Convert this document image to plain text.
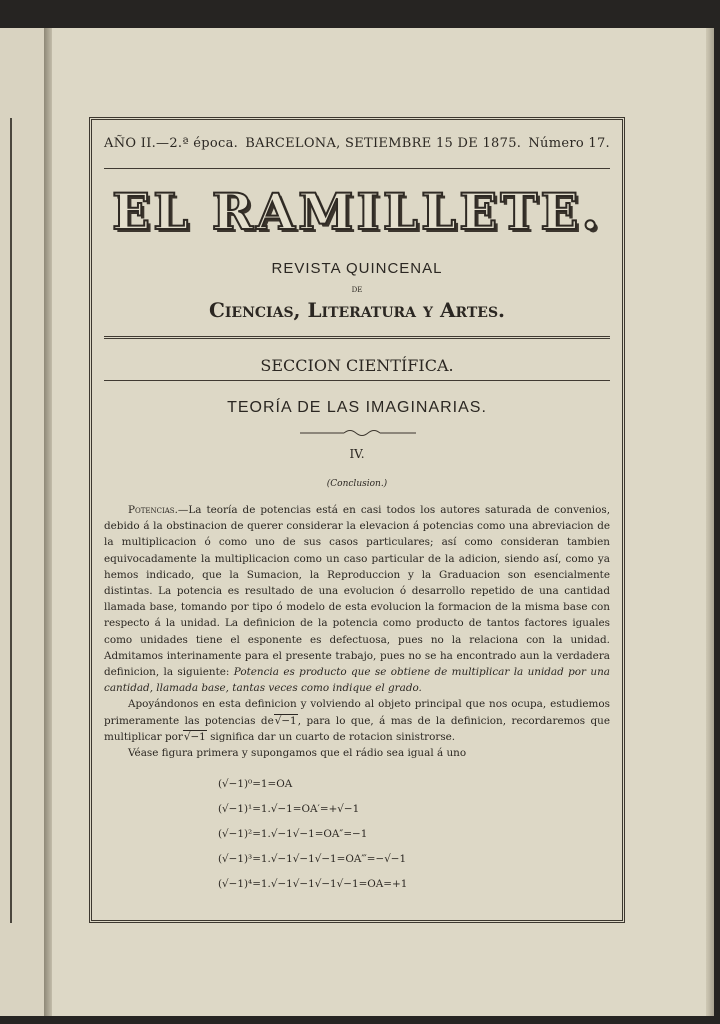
AÑO II.—2.ª época. BARCELONA, SETIEMBRE 15 DE 1875. Número 17.
EL RAMILLETE.
REVISTA QUINCENAL
DE
Ciencias, Literatura y Artes.
SECCION CIENTÍFICA.
TEORÍA DE LAS IMAGINARIAS.
IV.
(Conclusion.)

Potencias.—La teoría de potencias está en casi todos los autores saturada de convenios, debido á la obstinacion de querer considerar la elevacion á potencias como una abreviacion de la multiplicacion ó como uno de sus casos particulares; así como consideran tambien equivocadamente la multiplicacion como un caso particular de la adicion, siendo así, como ya hemos indicado, que la Sumacion, la Reproduccion y la Graduacion son esencialmente distintas. La potencia es resultado de una evolucion ó desarrollo repetido de una cantidad llamada base, tomando por tipo ó modelo de esta evolucion la formacion de la misma base con respecto á la unidad. La definicion de la potencia como producto de tantos factores iguales como unidades tiene el esponente es defectuosa, pues no la relaciona con la unidad. Admitamos interinamente para el presente trabajo, pues no se ha encontrado aun la verdadera definicion, la siguiente: Potencia es producto que se obtiene de multiplicar la unidad por una cantidad, llamada base, tantas veces como indique el grado.

Apoyándonos en esta definicion y volviendo al objeto principal que nos ocupa, estudiemos primeramente las potencias de√−1, para lo que, á mas de la definicion, recordaremos que multiplicar por√−1 significa dar un cuarto de rotacion sinistrorse.

Véase figura primera y supongamos que el rádio sea igual á uno

(√−1)⁰=1=OA
(√−1)¹=1.√−1=OA′=+√−1
(√−1)²=1.√−1√−1=OA″=−1
(√−1)³=1.√−1√−1√−1=OA‴=−√−1
(√−1)⁴=1.√−1√−1√−1√−1=OA=+1
